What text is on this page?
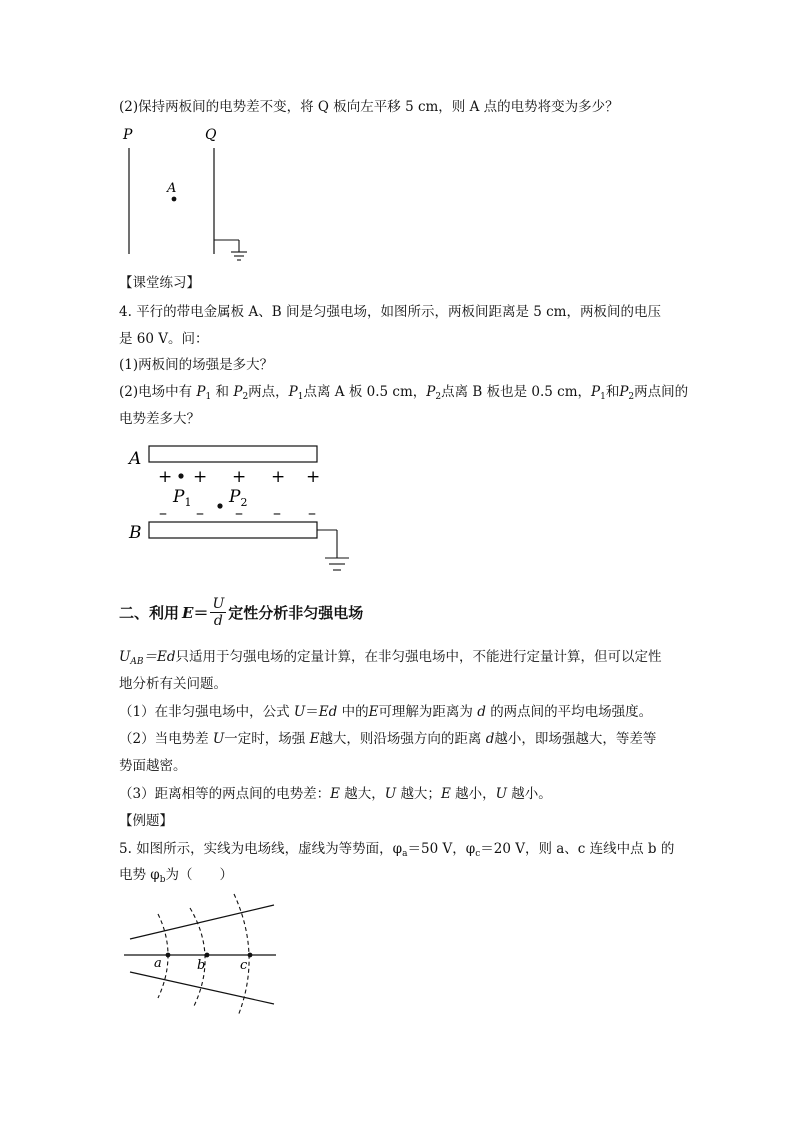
(2)保持两板间的电势差不变，将 Q 板向左平移 5 cm，则 A 点的电势将变为多少？
P	Q
A
【课堂练习】
4. 平行的带电金属板 A、B 间是匀强电场，如图所示，两板间距离是 5 cm，两板间的电压
是 60 V。问：
(1)两板间的场强是多大？
(2)电场中有 $P_1$ 和 $P_2$两点，$P_1$点离 A 板 0.5 cm，$P_2$点离 B 板也是 0.5 cm，$P_1$和$P_2$两点间的
电势差多大？
A
+ + + + +
$P_1$ $P_2$
– – – – –
B
二、利用 $E = \frac{U}{d}$ 定性分析非匀强电场
$U_{AB}=Ed$只适用于匀强电场的定量计算，在非匀强电场中，不能进行定量计算，但可以定性
地分析有关问题。
（1）在非匀强电场中，公式 U＝Ed 中的E可理解为距离为 d 的两点间的平均电场强度。
（2）当电势差 U一定时，场强 E越大，则沿场强方向的距离 d越小，即场强越大，等差等
势面越密。
（3）距离相等的两点间的电势差：E 越大，U 越大；E 越小，U 越小。
【例题】
5. 如图所示，实线为电场线，虚线为等势面，$\varphi_a=50$ V，$\varphi_c=20$ V，则 a、c 连线中点 b 的
电势 $\varphi_b$为（　　）
a	b	c
